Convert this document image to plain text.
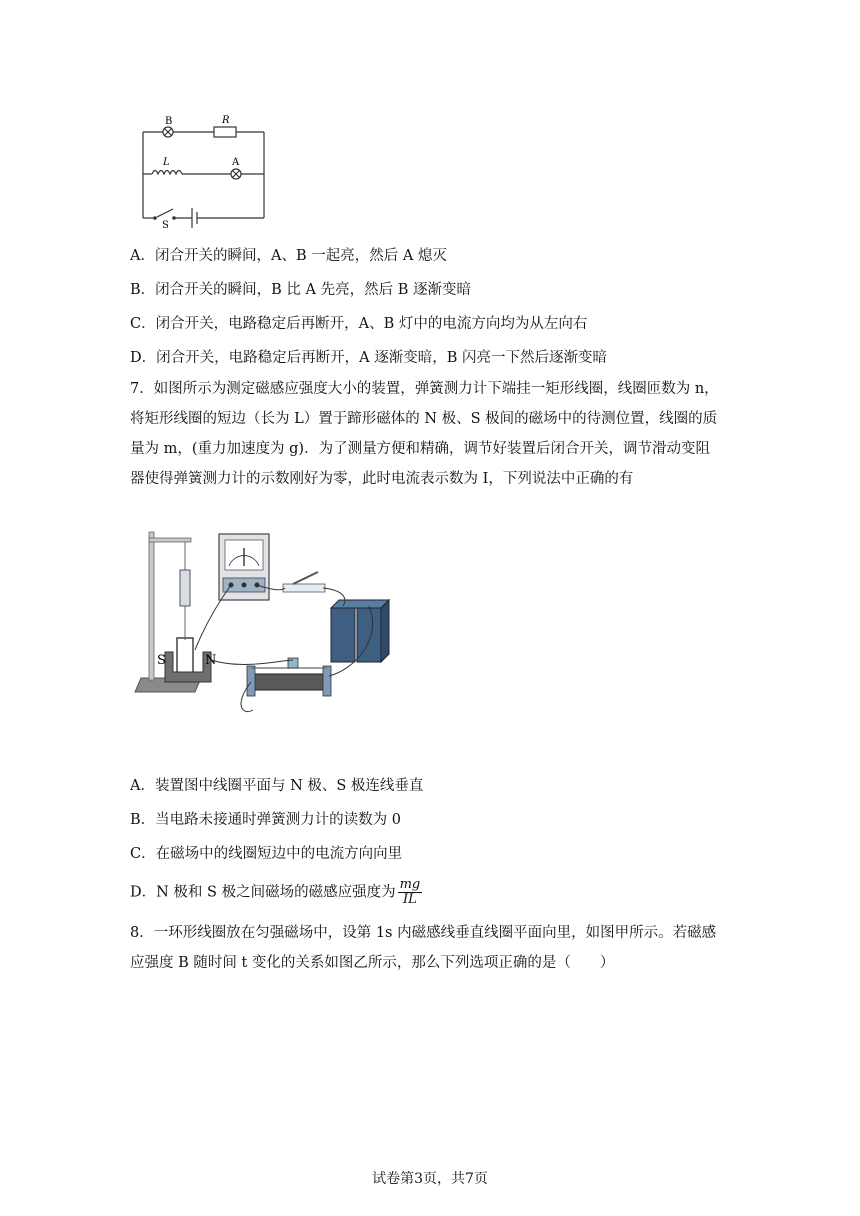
B	R
L	A
S
A．闭合开关的瞬间，A、B 一起亮，然后 A 熄灭
B．闭合开关的瞬间，B 比 A 先亮，然后 B 逐渐变暗
C．闭合开关，电路稳定后再断开，A、B 灯中的电流方向均为从左向右
D．闭合开关，电路稳定后再断开，A 逐渐变暗，B 闪亮一下然后逐渐变暗
7．如图所示为测定磁感应强度大小的装置，弹簧测力计下端挂一矩形线圈，线圈匝数为 n，
将矩形线圈的短边（长为 L）置于蹄形磁体的 N 极、S 极间的磁场中的待测位置，线圈的质
量为 m，(重力加速度为 g)．为了测量方便和精确，调节好装置后闭合开关，调节滑动变阻
器使得弹簧测力计的示数刚好为零，此时电流表示数为 I，下列说法中正确的有
S	N
A．装置图中线圈平面与 N 极、S 极连线垂直
B．当电路未接通时弹簧测力计的读数为 0
C．在磁场中的线圈短边中的电流方向向里
D．N 极和 S 极之间磁场的磁感应强度为 $\frac{mg}{IL}$
8．一环形线圈放在匀强磁场中，设第 1s 内磁感线垂直线圈平面向里，如图甲所示。若磁感
应强度 B 随时间 t 变化的关系如图乙所示，那么下列选项正确的是（　　）
试卷第3页，共7页
